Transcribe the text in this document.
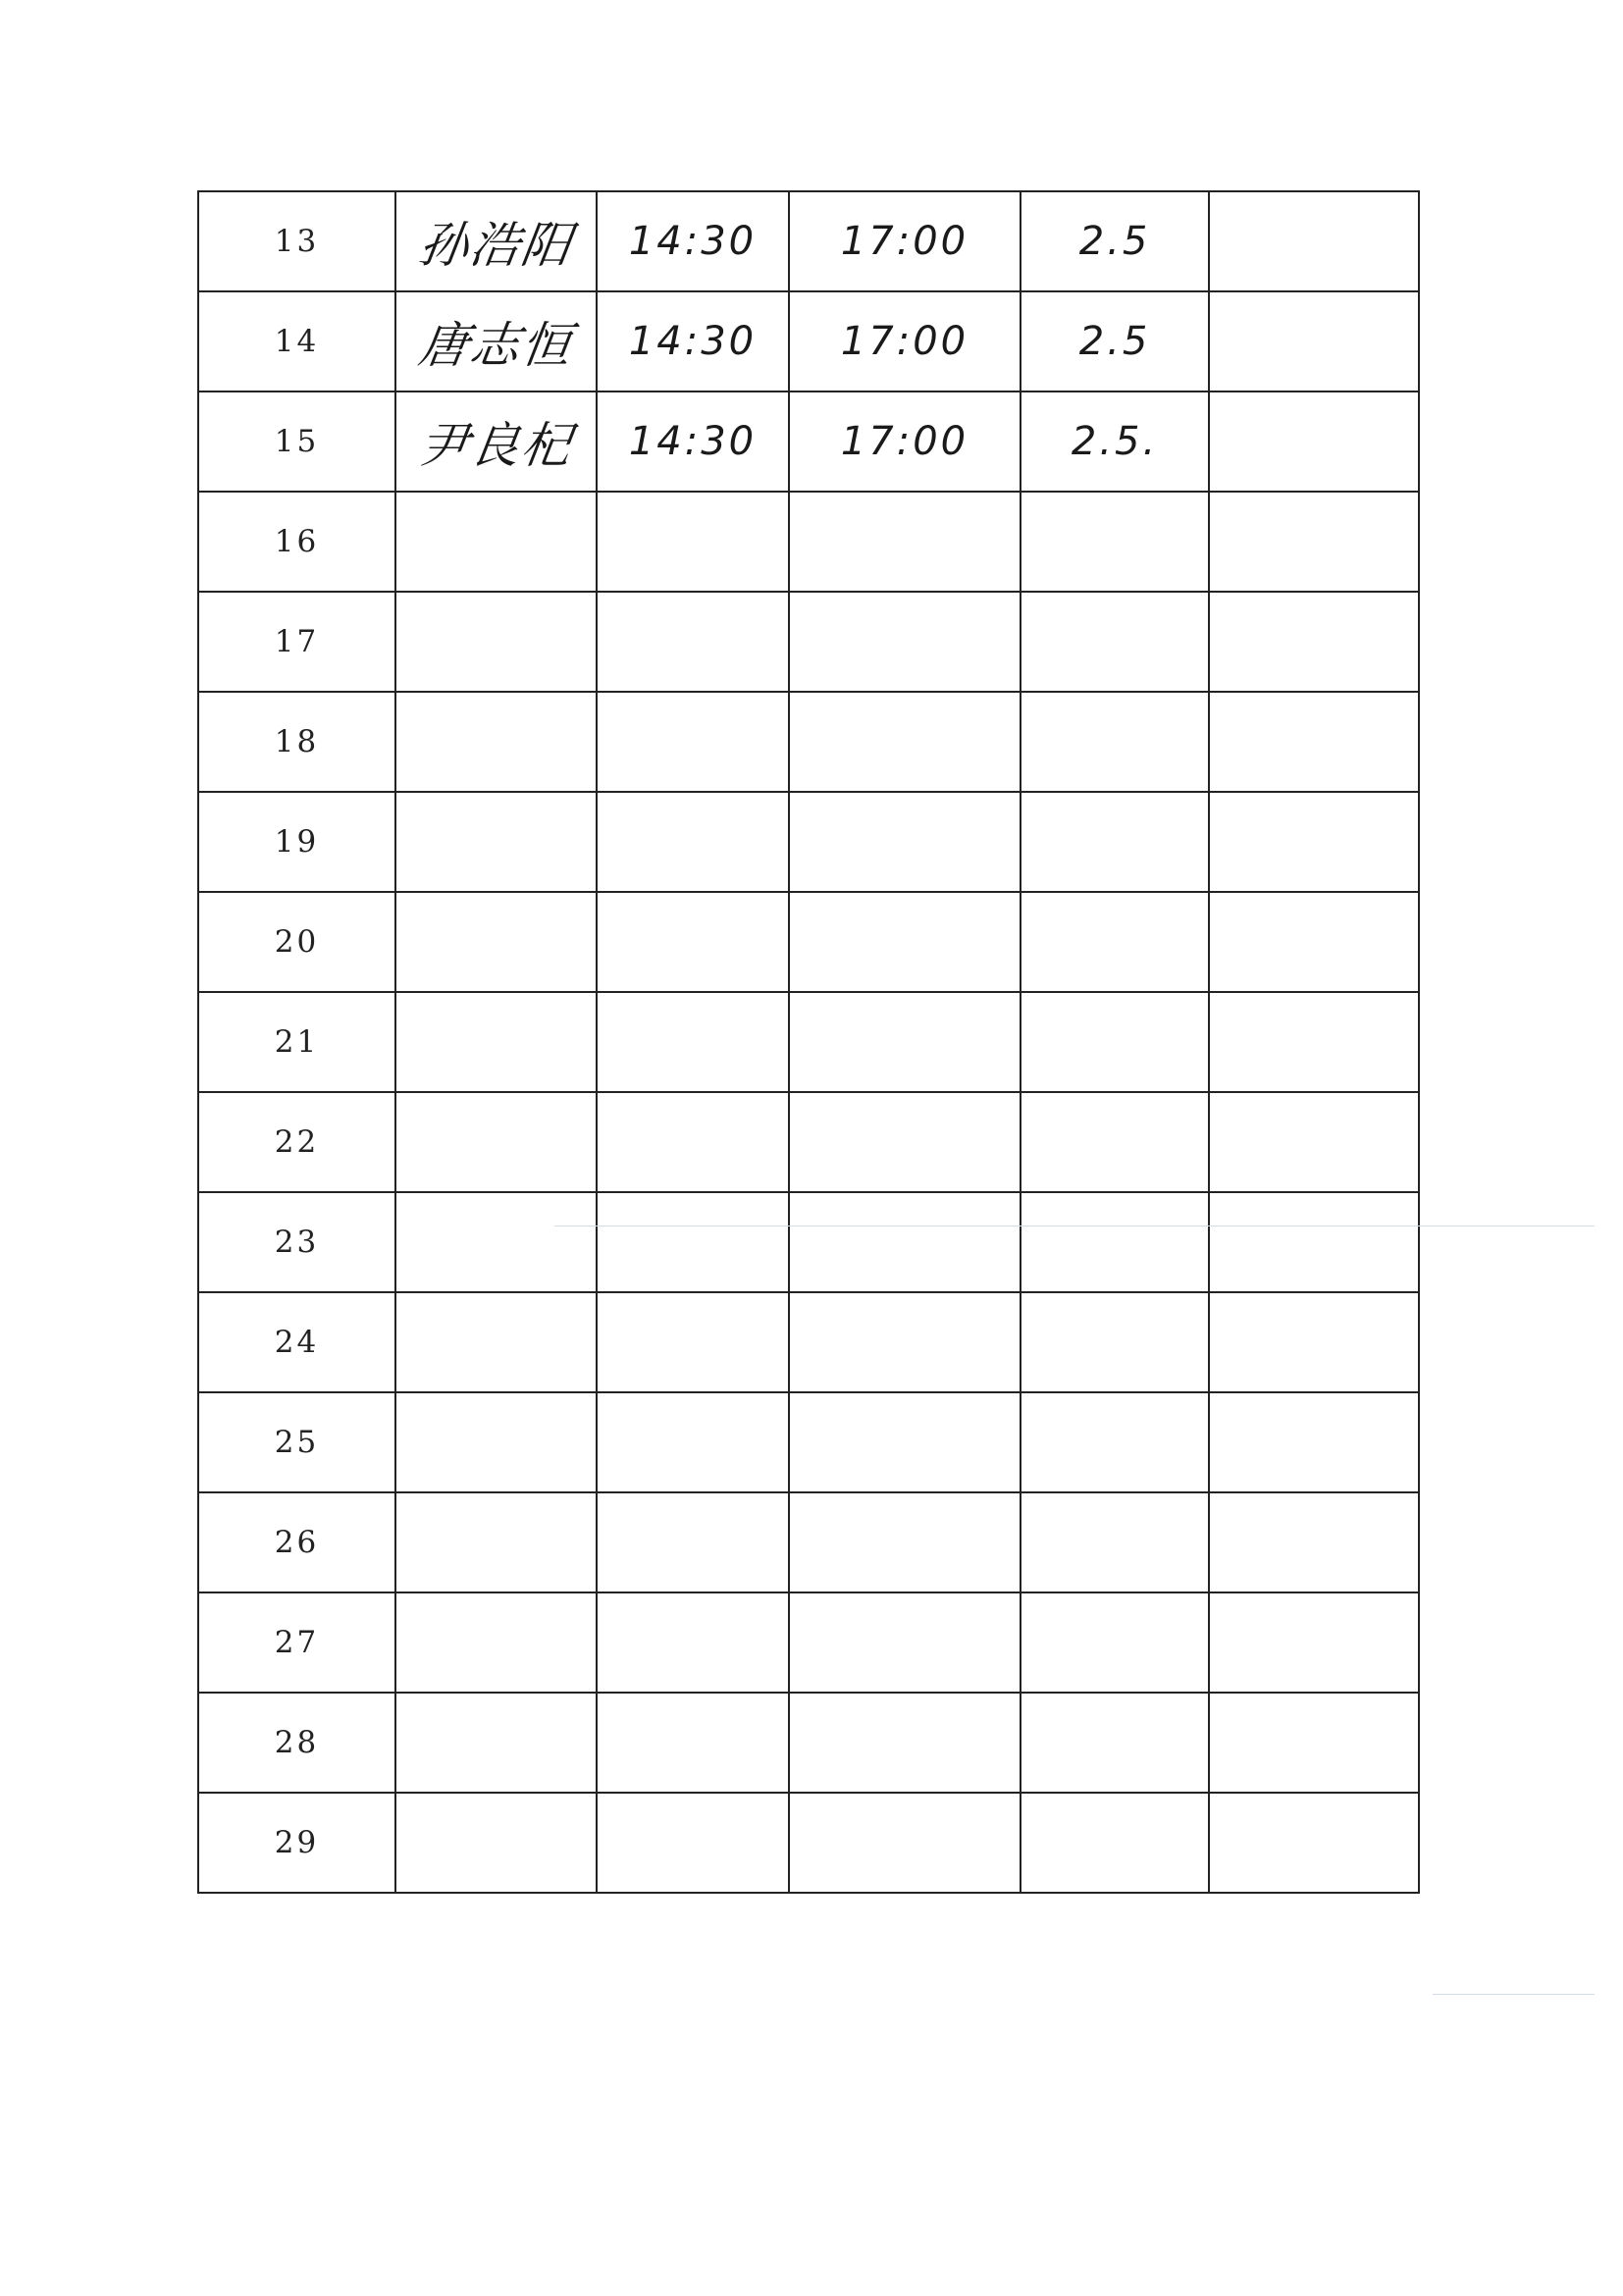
13	孙浩阳	14:30	17:00	2.5	
14	唐志恒	14:30	17:00	2.5	
15	尹良杞	14:30	17:00	2.5.	
16					
17					
18					
19					
20					
21					
22					
23					
24					
25					
26					
27					
28					
29					
